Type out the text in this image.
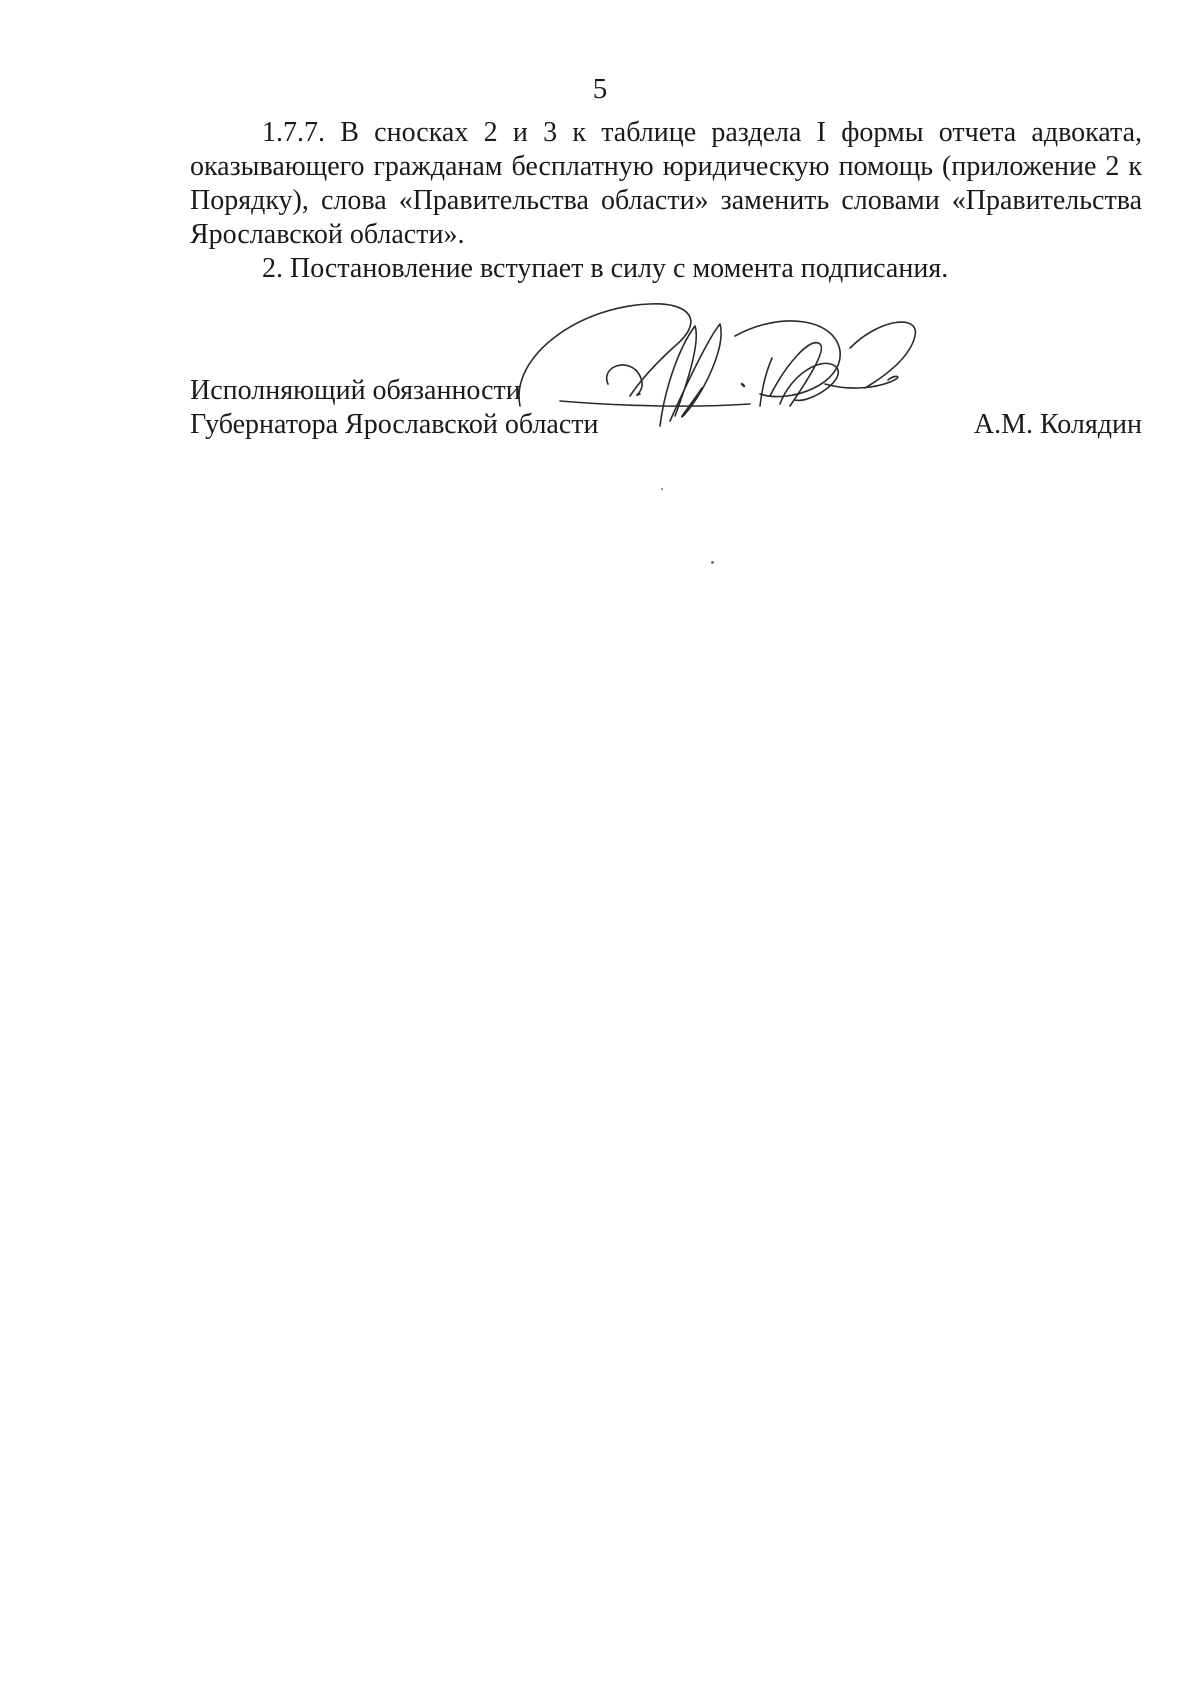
5

1.7.7. В сносках 2 и 3 к таблице раздела I формы отчета адвоката, оказывающего гражданам бесплатную юридическую помощь (приложение 2 к Порядку), слова «Правительства области» заменить словами «Правительства Ярославской области».

2. Постановление вступает в силу с момента подписания.

Исполняющий обязанности
Губернатора Ярославской области	А.М. Колядин
